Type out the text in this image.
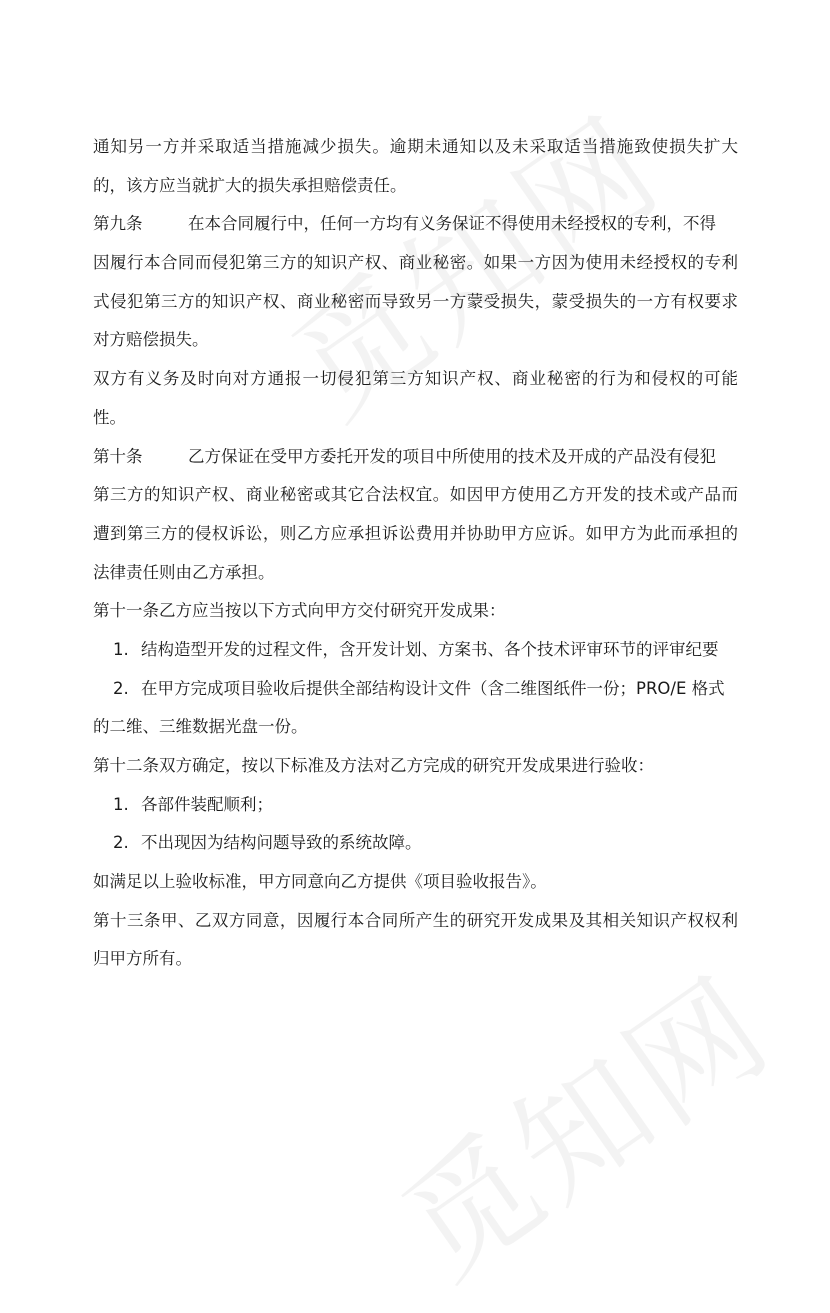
通知另一方并采取适当措施减少损失。逾期未通知以及未采取适当措施致使损失扩大
的，该方应当就扩大的损失承担赔偿责任。
第九条	在本合同履行中，任何一方均有义务保证不得使用未经授权的专利，不得
因履行本合同而侵犯第三方的知识产权、商业秘密。如果一方因为使用未经授权的专利
式侵犯第三方的知识产权、商业秘密而导致另一方蒙受损失，蒙受损失的一方有权要求
对方赔偿损失。
双方有义务及时向对方通报一切侵犯第三方知识产权、商业秘密的行为和侵权的可能
性。
第十条	乙方保证在受甲方委托开发的项目中所使用的技术及开成的产品没有侵犯
第三方的知识产权、商业秘密或其它合法权宜。如因甲方使用乙方开发的技术或产品而
遭到第三方的侵权诉讼，则乙方应承担诉讼费用并协助甲方应诉。如甲方为此而承担的
法律责任则由乙方承担。
第十一条乙方应当按以下方式向甲方交付研究开发成果：
1. 结构造型开发的过程文件，含开发计划、方案书、各个技术评审环节的评审纪要
2. 在甲方完成项目验收后提供全部结构设计文件（含二维图纸件一份；PRO/E 格式
的二维、三维数据光盘一份。
第十二条双方确定，按以下标准及方法对乙方完成的研究开发成果进行验收：
1. 各部件装配顺利；
2. 不出现因为结构问题导致的系统故障。
如满足以上验收标准，甲方同意向乙方提供《项目验收报告》。
第十三条甲、乙双方同意，因履行本合同所产生的研究开发成果及其相关知识产权权利
归甲方所有。
